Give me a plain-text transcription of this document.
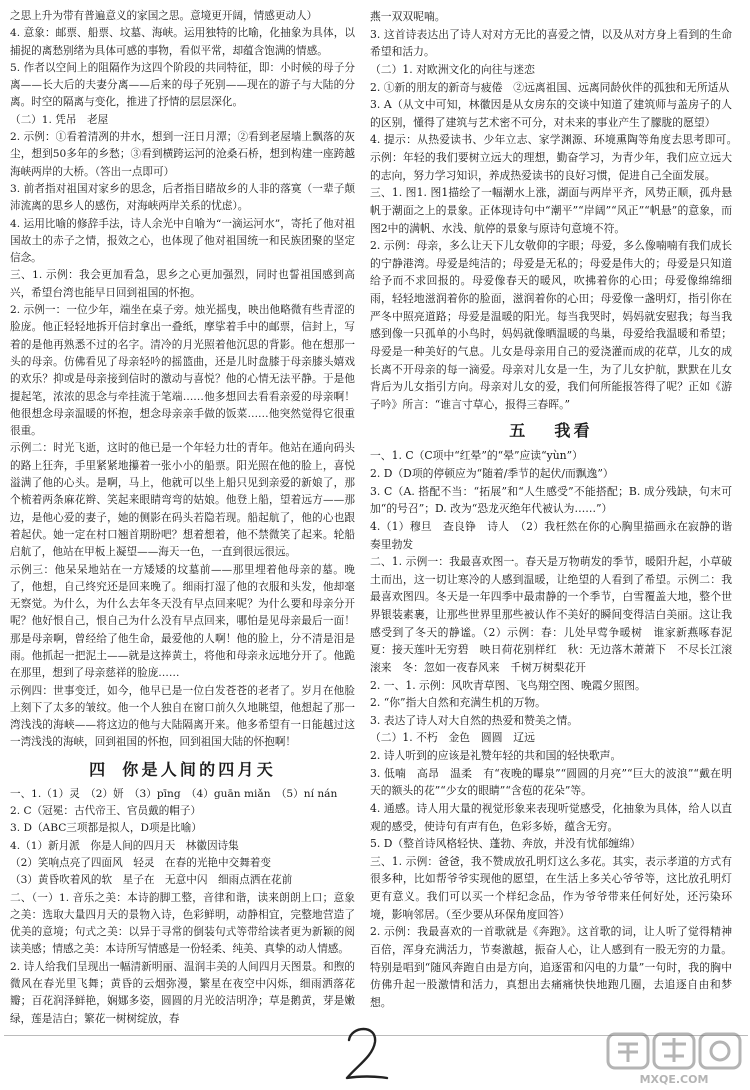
之思上升为带有普遍意义的家国之思。意境更开阔，情感更动人）

4. 意象：邮票、船票、坟墓、海峡。运用独特的比喻，化抽象为具体，以捕捉的离愁别绪为具体可感的事物，看似平常，却蕴含饱满的情感。

5. 作者以空间上的阻隔作为这四个阶段的共同特征，即：小时候的母子分离——长大后的夫妻分离——后来的母子死别——现在的游子与大陆的分离。时空的隔离与变化，推进了抒情的层层深化。

（二）1. 凭吊　老屋

2. 示例：①看着清冽的井水，想到一汪日月潭；②看到老屋墙上飘落的灰尘，想到50多年的乡愁；③看到横跨运河的沧桑石桥，想到构建一座跨越海峡两岸的大桥。（答出一点即可）

3. 前者指对祖国对家乡的思念，后者指目睹故乡的人非的落寞（一辈子颠沛流离的思乡人的感伤，对海峡两岸关系的忧虑）。

4. 运用比喻的修辞手法，诗人余光中自喻为“一滴运河水”，寄托了他对祖国故土的赤子之情，报效之心，也体现了他对祖国统一和民族团聚的坚定信念。

三、1. 示例：我会更加看急，思乡之心更加强烈，同时也誓祖国感到高兴，希望台湾也能早日回到祖国的怀抱。

2. 示例一：一位少年，端坐在桌子旁。烛光摇曳，映出他略微有些青涩的脸庞。他正轻轻地拆开信封拿出一叠纸，摩挲着手中的邮票，信封上，写着的是他再熟悉不过的名字。清冷的月光照着他沉思的背影。他在想那一头的母亲。仿佛看见了母亲轻吟的摇篮曲，还是儿时盘膝于母亲膝头嬉戏的欢乐？抑或是母亲接到信时的激动与喜悦？他的心情无法平静。于是他提起笔，浓浓的思念与牵挂流于笔端……他多想回去看看亲爱的母亲啊！他很想念母亲温暖的怀抱，想念母亲亲手做的饭菜……他突然觉得它很重很重。

示例二：时光飞逝，这时的他已是一个年轻力壮的青年。他站在通向码头的路上狂奔，手里紧紧地攥着一张小小的船票。阳光照在他的脸上，喜悦溢满了他的心头。是啊，马上，他就可以坐上船只见到亲爱的新娘了，那个梳着两条麻花辫、笑起来眼睛弯弯的姑娘。他登上船，望着远方——那边，是他心爱的妻子，她的侧影在码头若隐若现。船起航了，他的心也跟着起伏。她一定在村口翘首期盼吧？想着想着，他不禁微笑了起来。轮船启航了，他站在甲板上凝望——海天一色，一直到很远很远。

示例三：他呆呆地站在一方矮矮的坟墓前——那里埋着他母亲的墓。晚了，他想，自己终究还是回来晚了。细雨打湿了他的衣服和头发，他却毫无察觉。为什么，为什么去年冬天没有早点回来呢？为什么要和母亲分开呢？他好恨自己，恨自己为什么没有早点回来，哪怕是见母亲最后一面！那是母亲啊，曾经给了他生命，最爱他的人啊！他的脸上，分不清是泪是雨。他抓起一把泥土——就是这捧黄土，将他和母亲永远地分开了。他跪在那里，想到了母亲慈祥的脸庞……

示例四：世事变迁，如今，他早已是一位白发苍苍的老者了。岁月在他脸上刻下了太多的皱纹。他一个人独自在窗口前久久地眺望，他想起了那一湾浅浅的海峡——将这边的他与大陆隔离开来。他多希望有一日能越过这一湾浅浅的海峡，回到祖国的怀抱，回到祖国大陆的怀抱啊！

四 你是人间的四月天

一、1.（1）灵　（2）妍　（3）pīng　（4）guān miǎn　（5）ní nán

2. C（冠冕：古代帝王、官员戴的帽子）

3. D（ABC三项都是拟人，D项是比喻）

4.（1）新月派　你是人间的四月天　林徽因诗集

（2）笑响点亮了四面风　轻灵　在春的光艳中交舞着变

（3）黄昏吹着风的软　星子在　无意中闪　细雨点洒在花前

二、（一）1. 音乐之美：本诗韵脚工整，音律和谐，读来朗朗上口；意象之美：选取大量四月天的景物入诗，色彩鲜明，动静相宜，完整地营造了优美的意境；句式之美：以异于寻常的倒装句式等带给读者更为新颖的阅读美感；情感之美：本诗所写情感是一份轻柔、纯美、真挚的动人情感。

2. 诗人给我们呈现出一幅清新明丽、温润丰美的人间四月天图景。和煦的微风在春光里飞舞；黄昏的云烟弥漫，繁星在夜空中闪烁，细雨洒落花瓣；百花润泽鲜艳，娴娜多姿，圆圆的月光皎洁明净；草是鹅黄，芽是嫩绿，莲是洁白；繁花一树树绽放，春

燕一双双呢喃。

3. 这首诗表达出了诗人对对方无比的喜爱之情，以及从对方身上看到的生命希望和活力。

（二）1. 对欧洲文化的向往与迷恋

2. ①新的朋友的新奇与疲倦　②远离祖国、远离同龄伙伴的孤独和无所适从

3. A（从文中可知，林徽因是从女房东的交谈中知道了建筑师与盖房子的人的区别，懂得了建筑与艺术密不可分，对未来的事业产生了朦胧的愿望）

4. 提示：从热爱读书、少年立志、家学渊源、环境熏陶等角度去思考即可。　示例：年轻的我们要树立远大的理想，勤奋学习，为青少年，我们应立远大的志向，努力学习知识，养成热爱读书的良好习惯，促进自己全面发展。

三、1. 图1. 图1描绘了一幅潮水上涨，湖面与两岸平齐，风势正顺，孤舟悬帆于潮面之上的景象。正体现诗句中“潮平”“岸阔”“风正”“帆悬”的意象，而图2中的满帆、水浅、航停的景象与原诗句意境不符。

2. 示例：母亲，多么让天下儿女敬仰的字眼；母爱，多么像喃喃有我们成长的宁静港湾。母爱是纯洁的；母爱是无私的；母爱是伟大的；母爱是只知道给予而不求回报的。母爱像春天的暖风，吹拂着你的心田；母爱像绵绵细雨，轻轻地滋润着你的脸面，滋润着你的心田；母爱像一盏明灯，指引你在严冬中照亮道路；母爱是温暖的阳光。每当我哭时，妈妈就安慰我；每当我感到像一只孤单的小鸟时，妈妈就像晒温暖的鸟巢，母爱给我温暖和希望；母爱是一种美好的气息。儿女是母亲用自己的爱浇灌而成的花草，儿女的成长离不开母亲的每一滴爱。母亲对儿女是一生，为了儿女护航，默默在儿女背后为儿女指引方向。母亲对儿女的爱，我们何所能报答得了呢？正如《游子吟》所言：“谁言寸草心，报得三春晖。”

五 我看

一、1. C（C项中“红晕”的“晕”应读“yùn”）

2. D（D项的停顿应为“随着/季节的起伏/而飘逸”）

3. C（A. 搭配不当：“拓展”和“人生感受”不能搭配；B. 成分残缺，句末可加“的号召”；D. 改为“恐龙灭绝年代被认为……”）

4.（1）穆旦　查良铮　诗人　（2）我枉然在你的心胸里描画永在寂静的谐奏里勃发

二、1. 示例一：我最喜欢图一。春天是万物萌发的季节，暖阳升起，小草破土而出，这一切让寒冷的人感到温暖，让绝望的人看到了希望。示例二：我最喜欢图四。冬天是一年四季中最肃静的一个季节，白雪覆盖大地，整个世界银装素裹，让那些世界里那些被认作不美好的瞬间变得洁白美丽。这让我感受到了冬天的静谧。（2）示例：春：儿处早莺争暖树　谁家新燕啄春泥　夏：接天莲叶无穷碧　映日荷花别样红　秋：无边落木萧萧下　不尽长江滚滚来　冬：忽如一夜春风来　千树万树梨花开

2. 一、1. 示例：风吹青草图、飞鸟翔空图、晚霞夕照图。

2. “你”指大自然和充满生机的万物。

3. 表达了诗人对大自然的热爱和赞美之情。

（二）1. 不朽　金色　圆圆　辽远

2. 诗人听到的应该是礼赞年轻的共和国的轻快歌声。

3. 低喃　高昂　温柔　有“夜晚的曝泉”“圆圆的月亮”“巨大的波浪”“戴在明天的额头的花”“少女的眼睛”“含苞的花朵”等。

4. 通感。诗人用大量的视觉形象来表现听觉感受，化抽象为具体，给人以直观的感受，使诗句有声有色，色彩多娇，蕴含无穷。

5. D（整首诗风格轻快、蓬勃、奔放，并没有忧郁缠绵）

三、1. 示例：爸爸，我不赞成放孔明灯这么多花。其实，表示孝道的方式有很多种，比如帮爷爷实现他的愿望，在生活上多关心爷爷等，这比放孔明灯更有意义。我们可以买一个样纪念品，作为爷爷带来任何好处，还污染环境，影响邻居。（至少要从环保角度回答）

2. 示例：我最喜欢的一首歌就是《奔跑》。这首歌的词，让人听了觉得精神百倍，浑身充满活力，节奏激越，振奋人心，让人感到有一股无穷的力量。特别是唱到“随风奔跑自由是方向，追逐雷和闪电的力量”一句时，我的胸中仿佛升起一股激情和活力，真想出去痛痛快快地跑几圈，去追逐自由和梦想。

MXQE.COM
